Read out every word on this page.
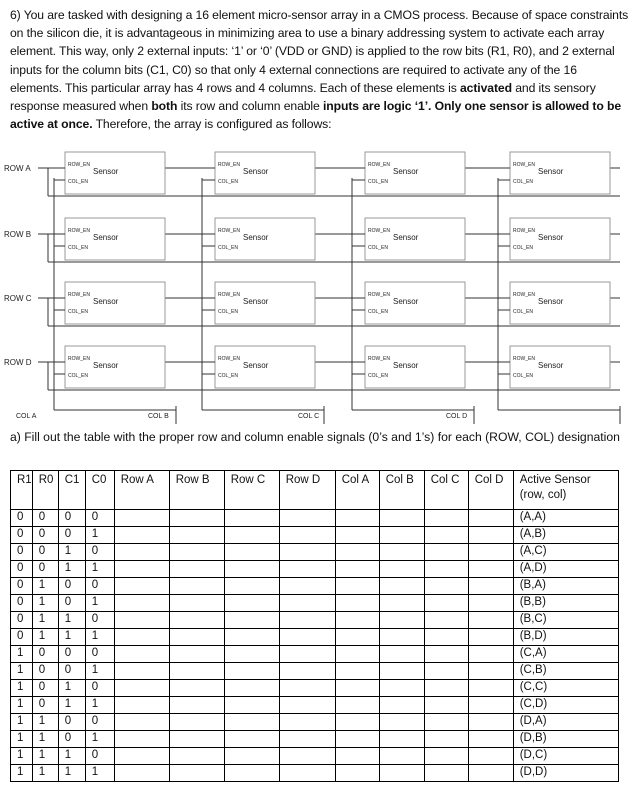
6) You are tasked with designing a 16 element micro-sensor array in a CMOS process. Because of space constraints on the silicon die, it is advantageous in minimizing area to use a binary addressing system to activate each array element. This way, only 2 external inputs: ‘1’ or ‘0’ (VDD or GND) is applied to the row bits (R1, R0), and 2 external inputs for the column bits (C1, C0) so that only 4 external connections are required to activate any of the 16 elements. This particular array has 4 rows and 4 columns. Each of these elements is activated and its sensory response measured when both its row and column enable inputs are logic ‘1’. Only one sensor is allowed to be active at once. Therefore, the array is configured as follows:
ROW A	ROW_EN
COL_EN
Sensor
ROW_EN
COL_EN
Sensor
ROW_EN
COL_EN
Sensor
ROW_EN
COL_EN
Sensor
ROW B	ROW_EN
COL_EN
Sensor
ROW_EN
COL_EN
Sensor
ROW_EN
COL_EN
Sensor
ROW_EN
COL_EN
Sensor
ROW C	ROW_EN
COL_EN
Sensor
ROW_EN
COL_EN
Sensor
ROW_EN
COL_EN
Sensor
ROW_EN
COL_EN
Sensor
ROW D	ROW_EN
COL_EN
Sensor
ROW_EN
COL_EN
Sensor
ROW_EN
COL_EN
Sensor
ROW_EN
COL_EN
Sensor
COL A	COL B	COL C	COL D
a) Fill out the table with the proper row and column enable signals (0’s and 1’s) for each (ROW, COL) designation
R1	R0	C1	C0	Row A	Row B	Row C	Row D	Col A	Col B	Col C	Col D	Active Sensor (row, col)
0	0	0	0									(A,A)
0	0	0	1									(A,B)
0	0	1	0									(A,C)
0	0	1	1									(A,D)
0	1	0	0									(B,A)
0	1	0	1									(B,B)
0	1	1	0									(B,C)
0	1	1	1									(B,D)
1	0	0	0									(C,A)
1	0	0	1									(C,B)
1	0	1	0									(C,C)
1	0	1	1									(C,D)
1	1	0	0									(D,A)
1	1	0	1									(D,B)
1	1	1	0									(D,C)
1	1	1	1									(D,D)
